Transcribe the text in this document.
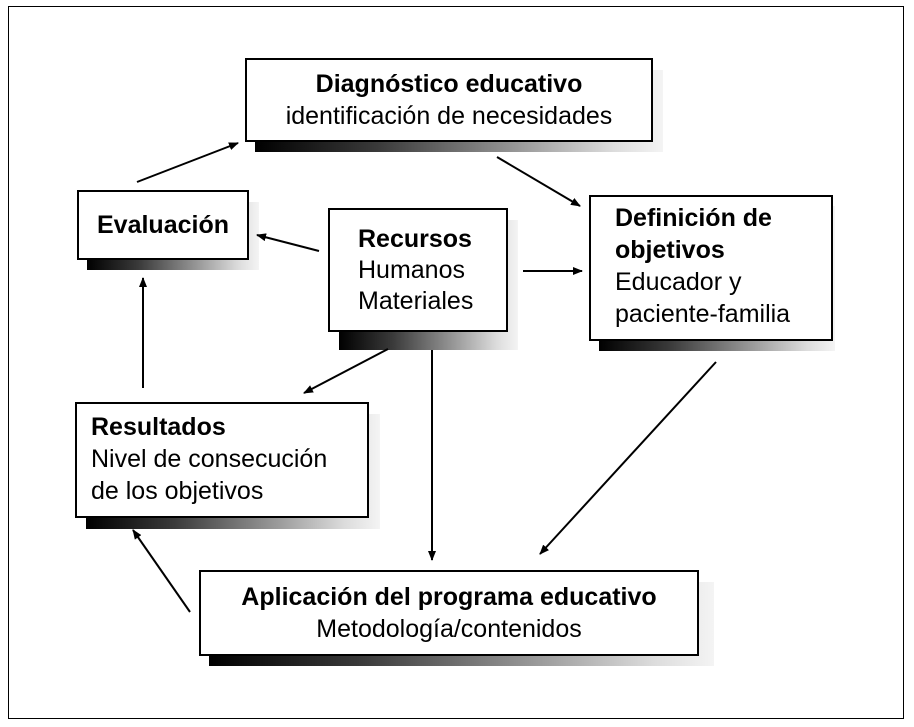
Diagnóstico educativo
identificación de necesidades
Evaluación	Recursos
Humanos
Materiales
Definición de
objetivos
Educador y
paciente-familia
Resultados
Nivel de consecución
de los objetivos
Aplicación del programa educativo
Metodología/contenidos
